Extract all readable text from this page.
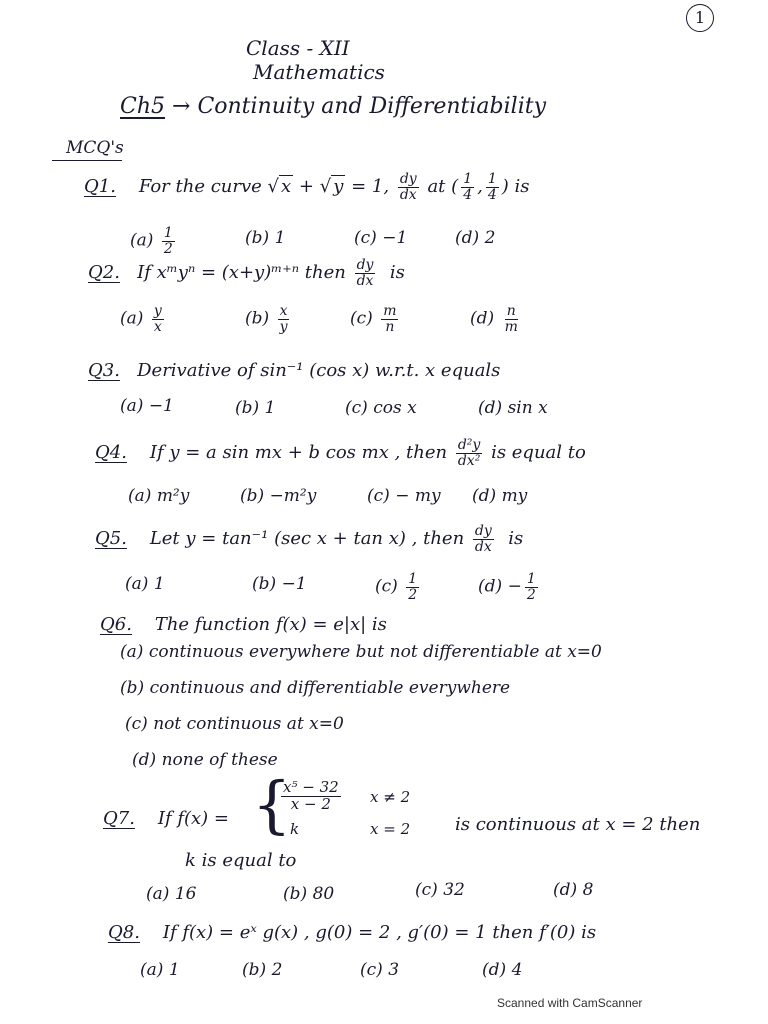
1
Class - XII
Mathematics
Ch5 → Continuity and Differentiability
MCQ's
Q1. For the curve √ x + √ y = 1, $\frac{dy}{dx}$ at ( $\frac{1}{4}$ , $\frac{1}{4}$ ) is
$(a) \frac{1}{2}$	(b) 1	(c) −1	(d) 2
Q2. If xᵐyⁿ = (x+y)ᵐ⁺ⁿ then $\frac{dy}{dx}$ is
$(a) \frac{y}{x}$	$(b) \frac{x}{y}$	$(c) \frac{m}{n}$	$(d) \frac{n}{m}$
Q3. Derivative of sin⁻¹ (cos x) w.r.t. x equals
(a) −1	(b) 1	(c) cos x	(d) sin x
Q4. If y = a sin mx + b cos mx , then $\frac{\text{d²y}}{\text{dx²}}$ is equal to
(a) m²y	(b) −m²y	(c) − my (d) my
Q5. Let y = tan⁻¹ (sec x + tan x) , then $\frac{dy}{dx}$ is
(a) 1	(b) −1	$(c) \frac{1}{2}$	$(d) - \frac{1}{2}$
Q6. The function f(x) = e|x| is
(a) continuous everywhere but not differentiable at x=0
(b) continuous and differentiable everywhere
(c) not continuous at x=0
(d) none of these
Q7. If f(x) = {
$\frac{\text{x⁵ − 32}}{x - 2}$ x ≠ 2
k	x = 2 is continuous at x = 2 then
k is equal to
(a) 16	(b) 80	(c) 32	(d) 8
Q8. If f(x) = eˣ g(x) , g(0) = 2 , g′(0) = 1 then f′(0) is
(a) 1	(b) 2	(c) 3	(d) 4
Scanned with CamScanner
